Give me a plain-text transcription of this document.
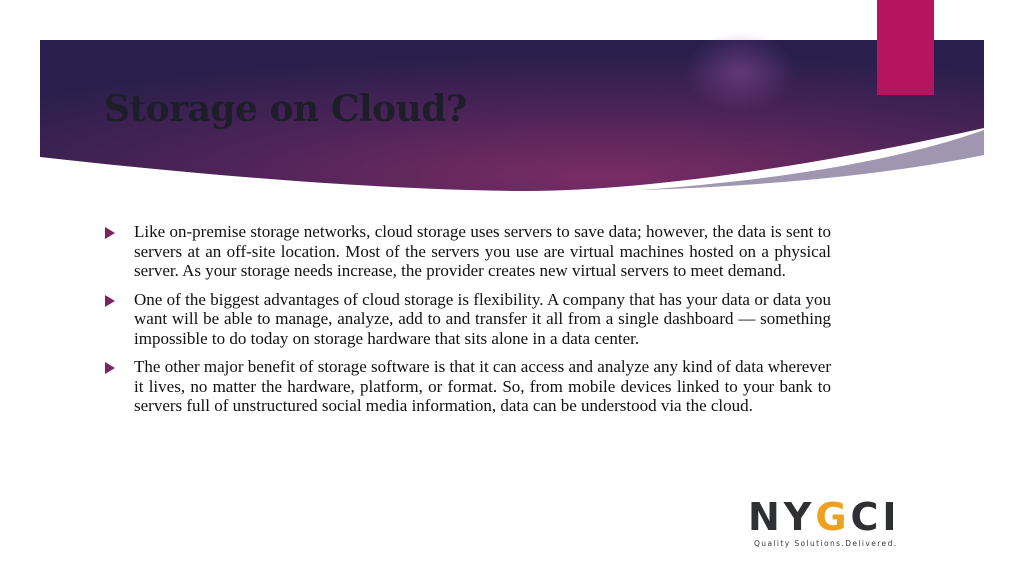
Storage on Cloud?
Like on-premise storage networks, cloud storage uses servers to save data; however, the data is sent to servers at an off-site location. Most of the servers you use are virtual machines hosted on a physical server. As your storage needs increase, the provider creates new virtual servers to meet demand.
One of the biggest advantages of cloud storage is flexibility. A company that has your data or data you want will be able to manage, analyze, add to and transfer it all from a single dashboard — something impossible to do today on storage hardware that sits alone in a data center.
The other major benefit of storage software is that it can access and analyze any kind of data wherever it lives, no matter the hardware, platform, or format. So, from mobile devices linked to your bank to servers full of unstructured social media information, data can be understood via the cloud.
NYGCI
Quality Solutions.Delivered.
